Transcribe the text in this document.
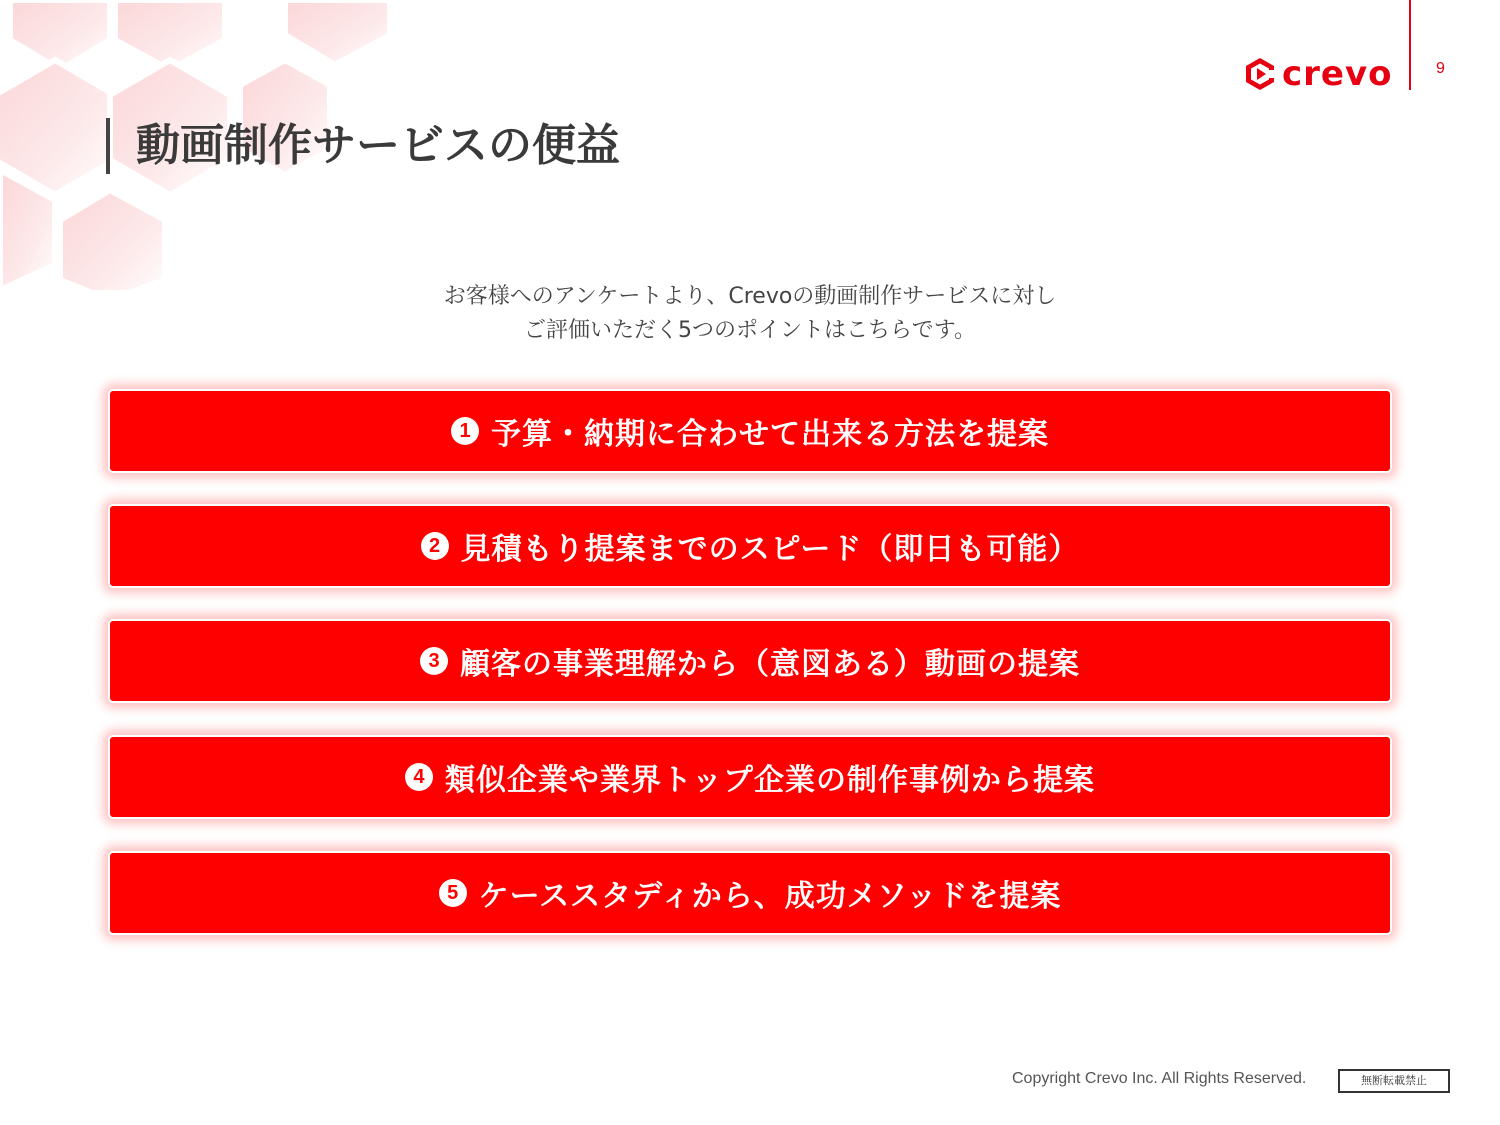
crevo	9
動画制作サービスの便益
お客様へのアンケートより、Crevoの動画制作サービスに対し
ご評価いただく5つのポイントはこちらです。
1 予算・納期に合わせて出来る方法を提案
2 見積もり提案までのスピード（即日も可能）
3 顧客の事業理解から（意図ある）動画の提案
4 類似企業や業界トップ企業の制作事例から提案
5 ケーススタディから、成功メソッドを提案
Copyright Crevo Inc. All Rights Reserved.	無断転載禁止
